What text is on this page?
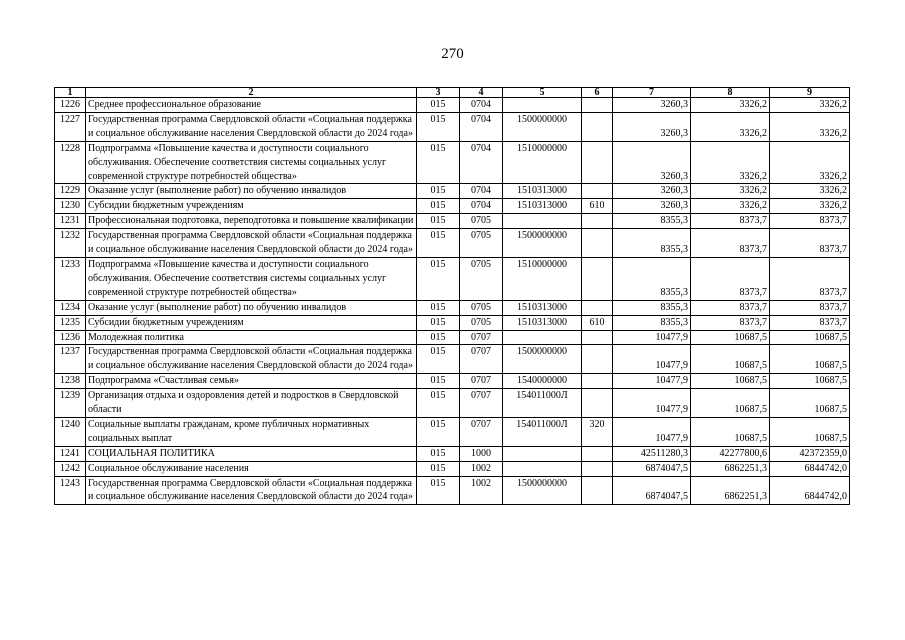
270
1	2	3	4	5	6	7	8	9
1226	Среднее профессиональное образование	015	0704			3260,3	3326,2	3326,2
1227	Государственная программа Свердловской области «Социальная поддержка и социальное обслуживание населения Свердловской области до 2024 года»	015	0704	1500000000		3260,3	3326,2	3326,2
1228	Подпрограмма «Повышение качества и доступности социального обслуживания. Обеспечение соответствия системы социальных услуг современной структуре потребностей общества»	015	0704	1510000000		3260,3	3326,2	3326,2
1229	Оказание услуг (выполнение работ) по обучению инвалидов	015	0704	1510313000		3260,3	3326,2	3326,2
1230	Субсидии бюджетным учреждениям	015	0704	1510313000	610	3260,3	3326,2	3326,2
1231	Профессиональная подготовка, переподготовка и повышение квалификации	015	0705			8355,3	8373,7	8373,7
1232	Государственная программа Свердловской области «Социальная поддержка и социальное обслуживание населения Свердловской области до 2024 года»	015	0705	1500000000		8355,3	8373,7	8373,7
1233	Подпрограмма «Повышение качества и доступности социального обслуживания. Обеспечение соответствия системы социальных услуг современной структуре потребностей общества»	015	0705	1510000000		8355,3	8373,7	8373,7
1234	Оказание услуг (выполнение работ) по обучению инвалидов	015	0705	1510313000		8355,3	8373,7	8373,7
1235	Субсидии бюджетным учреждениям	015	0705	1510313000	610	8355,3	8373,7	8373,7
1236	Молодежная политика	015	0707			10477,9	10687,5	10687,5
1237	Государственная программа Свердловской области «Социальная поддержка и социальное обслуживание населения Свердловской области до 2024 года»	015	0707	1500000000		10477,9	10687,5	10687,5
1238	Подпрограмма «Счастливая семья»	015	0707	1540000000		10477,9	10687,5	10687,5
1239	Организация отдыха и оздоровления детей и подростков в Свердловской области	015	0707	154011000Л		10477,9	10687,5	10687,5
1240	Социальные выплаты гражданам, кроме публичных нормативных социальных выплат	015	0707	154011000Л	320	10477,9	10687,5	10687,5
1241	СОЦИАЛЬНАЯ ПОЛИТИКА	015	1000			42511280,3	42277800,6	42372359,0
1242	Социальное обслуживание населения	015	1002			6874047,5	6862251,3	6844742,0
1243	Государственная программа Свердловской области «Социальная поддержка и социальное обслуживание населения Свердловской области до 2024 года»	015	1002	1500000000		6874047,5	6862251,3	6844742,0
